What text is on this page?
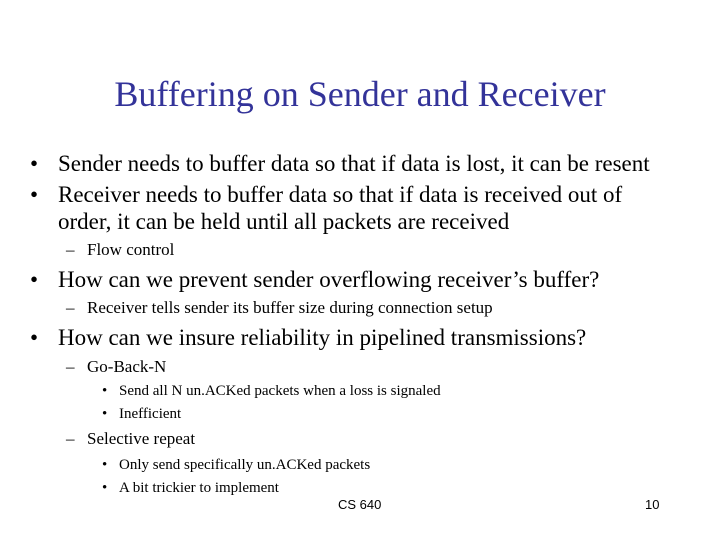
Buffering on Sender and Receiver
• Sender needs to buffer data so that if data is lost, it can be resent
• Receiver needs to buffer data so that if data is received out of
order, it can be held until all packets are received
– Flow control
• How can we prevent sender overflowing receiver’s buffer?
– Receiver tells sender its buffer size during connection setup
• How can we insure reliability in pipelined transmissions?
– Go-Back-N
• Send all N un.ACKed packets when a loss is signaled
• Inefficient
– Selective repeat
• Only send specifically un.ACKed packets
• A bit trickier to implement
CS 640	10
